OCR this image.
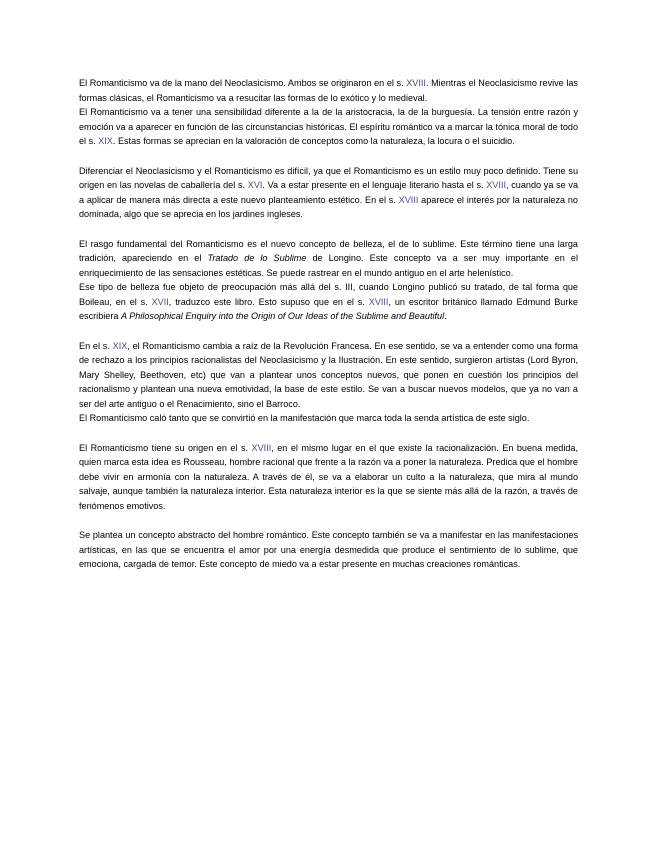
El Romanticismo va de la mano del Neoclasicismo. Ambos se originaron en el s. XVIII. Mientras el Neoclasicismo revive las formas clásicas, el Romanticismo va a resucitar las formas de lo exótico y lo medieval.

El Romanticismo va a tener una sensibilidad diferente a la de la aristocracia, la de la burguesía. La tensión entre razón y emoción va a aparecer en función de las circunstancias históricas. El espíritu romántico va a marcar la tónica moral de todo el s. XIX. Estas formas se aprecian en la valoración de conceptos como la naturaleza, la locura o el suicidio.

Diferenciar el Neoclasicismo y el Romanticismo es difícil, ya que el Romanticismo es un estilo muy poco definido. Tiene su origen en las novelas de caballería del s. XVI. Va a estar presente en el lenguaje literario hasta el s. XVIII, cuando ya se va a aplicar de manera más directa a este nuevo planteamiento estético. En el s. XVIII aparece el interés por la naturaleza no dominada, algo que se aprecia en los jardines ingleses.

El rasgo fundamental del Romanticismo es el nuevo concepto de belleza, el de lo sublime. Este término tiene una larga tradición, apareciendo en el Tratado de lo Sublime de Longino. Este concepto va a ser muy importante en el enriquecimiento de las sensaciones estéticas. Se puede rastrear en el mundo antiguo en el arte helenístico.

Ese tipo de belleza fue objeto de preocupación más allá del s. III, cuando Longino publicó su tratado, de tal forma que Boileau, en el s. XVII, traduzco este libro. Esto supuso que en el s. XVIII, un escritor británico llamado Edmund Burke escribiera A Philosophical Enquiry into the Origin of Our Ideas of the Sublime and Beautiful.

En el s. XIX, el Romanticismo cambia a raíz de la Revolución Francesa. En ese sentido, se va a entender como una forma de rechazo a los principios racionalistas del Neoclasicismo y la Ilustración. En este sentido, surgieron artistas (Lord Byron, Mary Shelley, Beethoven, etc) que van a plantear unos conceptos nuevos, que ponen en cuestión los principios del racionalismo y plantean una nueva emotividad, la base de este estilo. Se van a buscar nuevos modelos, que ya no van a ser del arte antiguo o el Renacimiento, sino el Barroco.

El Romanticismo caló tanto que se convirtió en la manifestación que marca toda la senda artística de este siglo.

El Romanticismo tiene su origen en el s. XVIII, en el mismo lugar en el que existe la racionalización. En buena medida, quien marca esta idea es Rousseau, hombre racional que frente a la razón va a poner la naturaleza. Predica que el hombre debe vivir en armonía con la naturaleza. A través de él, se va a elaborar un culto a la naturaleza, que mira al mundo salvaje, aunque también la naturaleza interior. Esta naturaleza interior es la que se siente más allá de la razón, a través de fenómenos emotivos.

Se plantea un concepto abstracto del hombre romántico. Este concepto también se va a manifestar en las manifestaciones artísticas, en las que se encuentra el amor por una energía desmedida que produce el sentimiento de lo sublime, que emociona, cargada de temor. Este concepto de miedo va a estar presente en muchas creaciones románticas.
